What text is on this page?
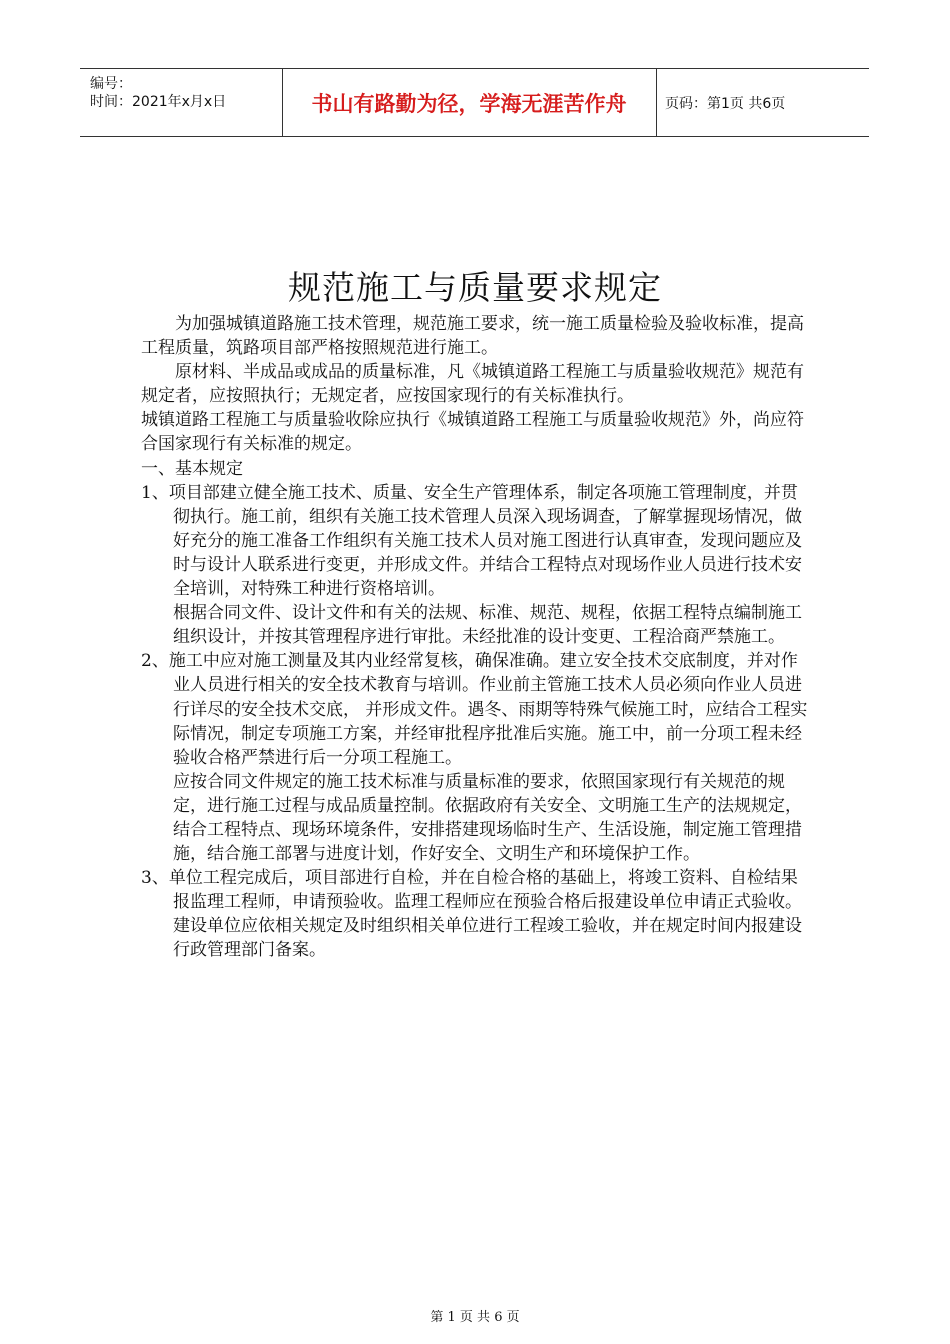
编号：
时间：2021年x月x日	书山有路勤为径，学海无涯苦作舟	页码：第1页 共6页
规范施工与质量要求规定

为加强城镇道路施工技术管理，规范施工要求，统一施工质量检验及验收标准，提高工程质量，筑路项目部严格按照规范进行施工。

原材料、半成品或成品的质量标准，凡《城镇道路工程施工与质量验收规范》规范有规定者，应按照执行；无规定者，应按国家现行的有关标准执行。

城镇道路工程施工与质量验收除应执行《城镇道路工程施工与质量验收规范》外，尚应符合国家现行有关标准的规定。

一、基本规定

1、项目部建立健全施工技术、质量、安全生产管理体系，制定各项施工管理制度，并贯彻执行。施工前，组织有关施工技术管理人员深入现场调查，了解掌握现场情况，做好充分的施工准备工作组织有关施工技术人员对施工图进行认真审查，发现问题应及时与设计人联系进行变更，并形成文件。并结合工程特点对现场作业人员进行技术安全培训，对特殊工种进行资格培训。

根据合同文件、设计文件和有关的法规、标准、规范、规程，依据工程特点编制施工组织设计，并按其管理程序进行审批。未经批准的设计变更、工程洽商严禁施工。

2、施工中应对施工测量及其内业经常复核，确保准确。建立安全技术交底制度，并对作业人员进行相关的安全技术教育与培训。作业前主管施工技术人员必须向作业人员进行详尽的安全技术交底， 并形成文件。遇冬、雨期等特殊气候施工时，应结合工程实际情况，制定专项施工方案，并经审批程序批准后实施。施工中，前一分项工程未经验收合格严禁进行后一分项工程施工。

应按合同文件规定的施工技术标准与质量标准的要求，依照国家现行有关规范的规定，进行施工过程与成品质量控制。依据政府有关安全、文明施工生产的法规规定，结合工程特点、现场环境条件，安排搭建现场临时生产、生活设施，制定施工管理措施，结合施工部署与进度计划，作好安全、文明生产和环境保护工作。

3、单位工程完成后，项目部进行自检，并在自检合格的基础上，将竣工资料、自检结果报监理工程师，申请预验收。监理工程师应在预验合格后报建设单位申请正式验收。建设单位应依相关规定及时组织相关单位进行工程竣工验收，并在规定时间内报建设行政管理部门备案。

第 1 页 共 6 页
